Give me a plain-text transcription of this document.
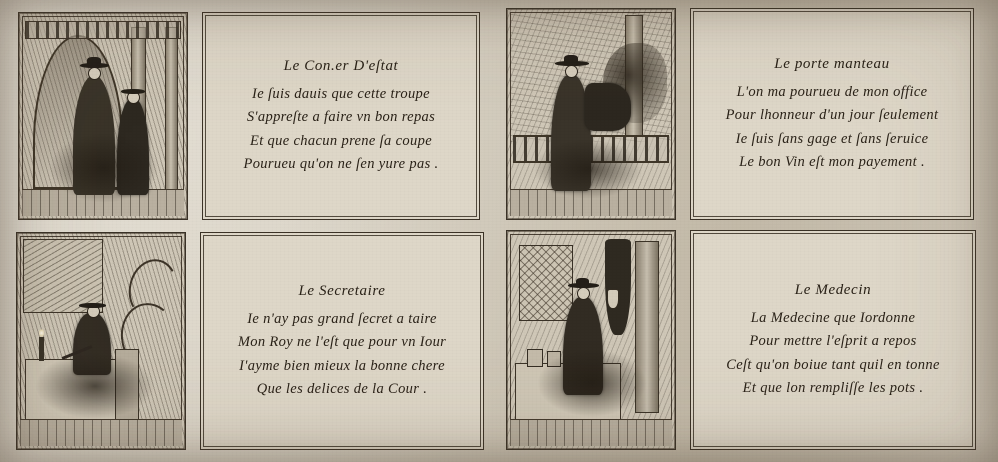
Le Con.er D'eſtat
Ie ſuis dauis que cette troupe
S'appreſte a faire vn bon repas
Et que chacun prene ſa coupe
Pourueu qu'on ne ſen yure pas .
Le porte manteau
L'on ma pourueu de mon office
Pour lhonneur d'un jour ſeulement
Ie ſuis ſans gage et ſans ſeruice
Le bon Vin eſt mon payement .
Le Secretaire
Ie n'ay pas grand ſecret a taire
Mon Roy ne l'eſt que pour vn Iour
I'ayme bien mieux la bonne chere
Que les delices de la Cour .
Le Medecin
La Medecine que Iordonne
Pour mettre l'eſprit a repos
Ceſt qu'on boiue tant quil en tonne
Et que lon rempliſſe les pots .
